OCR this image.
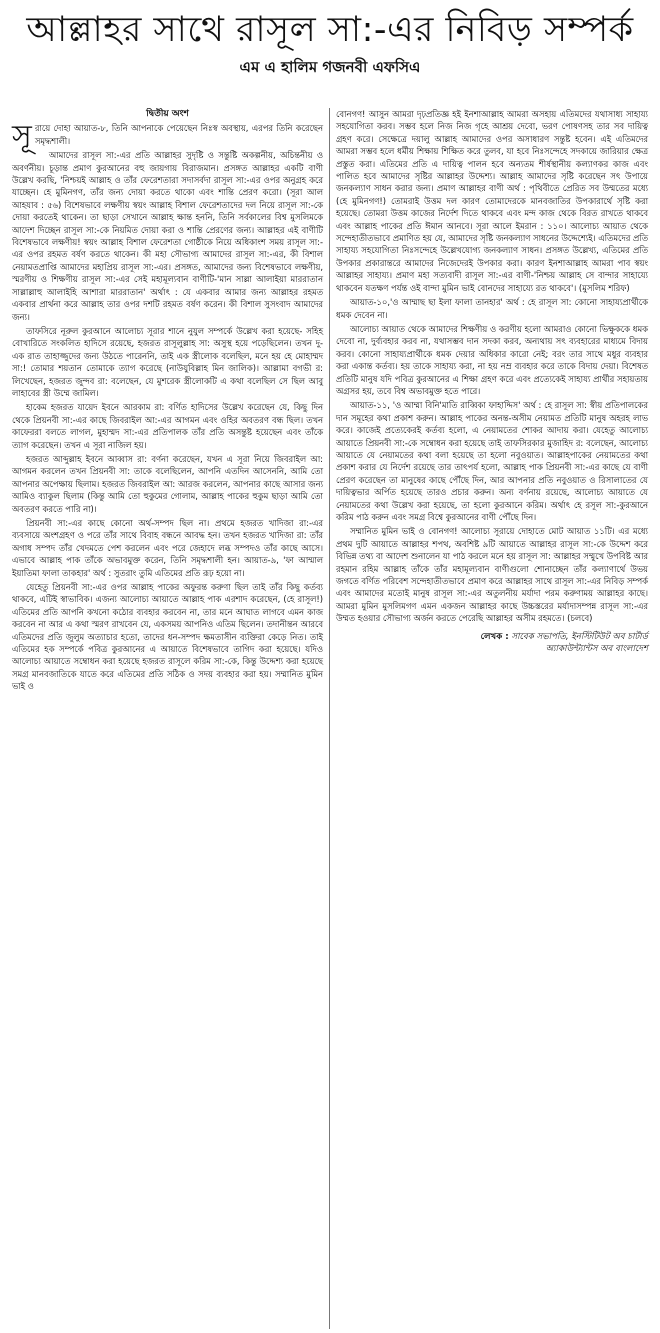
আল্লাহর সাথে রাসূল সা:-এর নিবিড় সম্পর্ক
এম এ হালিম গজনবী এফসিএ
দ্বিতীয় অংশ

সূরায়ে দোহা আয়াত-৮, তিনি আপনাকে পেয়েছেন নিঃস্ব অবস্থায়, এরপর তিনি করেছেন সমৃদ্ধশালী।

আমাদের রাসূল সা:-এর প্রতি আল্লাহর সুদৃষ্টি ও সন্তুষ্টি অকল্পনীয়, অচিন্তনীয় ও অবর্ণনীয়। চূড়ান্ত প্রমাণ কুরআনের বহু জায়গায় বিরাজমান। প্রসঙ্গত আল্লাহর একটি বাণী উল্লেখ করছি, 'নিশ্চয়ই আল্লাহ ও তাঁর ফেরেশতারা সদাসর্বদা রাসূল সা:-এর ওপর অনুগ্রহ করে যাচ্ছেন। হে মুমিনগণ, তাঁর জন্য দোয়া করতে থাকো এবং শান্তি প্রেরণ করো। (সূরা আল আহযাব : ৫৬) বিশেষভাবে লক্ষণীয় স্বয়ং আল্লাহ বিশাল ফেরেশতাদের দল নিয়ে রাসূল সা:-কে দোয়া করতেই থাকেন। তা ছাড়া সেখানে আল্লাহ ক্ষান্ত হননি, তিনি সর্বকালের বিশ্ব মুসলিমকে আদেশ দিচ্ছেন রাসূল সা:-কে নিয়মিত দোয়া করা ও শান্তি প্রেরণের জন্য। আল্লাহর এই বাণীটি বিশেষভাবে লক্ষণীয়! স্বয়ং আল্লাহ বিশাল ফেরেশতা গোষ্ঠীকে নিয়ে অধিকাংশ সময় রাসূল সা:-এর ওপর রহমত বর্ষণ করতে থাকেন। কী মহা সৌভাগ্য আমাদের রাসূল সা:-এর, কী বিশাল নেয়ামতপ্রাপ্তি আমাদের মহাপ্রিয় রাসূল সা:-এর। প্রসঙ্গত, আমাদের জন্য বিশেষভাবে লক্ষণীয়, স্মরণীয় ও শিক্ষণীয় রাসূল সা:-এর সেই মহামূল্যবান বাণীটি-'মান সাল্লা আলাইয়া মাররাতান সাল্লাল্লাহু আলাইহি আশারা মাররাতান' অর্থাৎ : যে একবার আমার জন্য আল্লাহর রহমত একবার প্রার্থনা করে আল্লাহ তার ওপর দশটি রহমত বর্ষণ করেন। কী বিশাল সুসংবাদ আমাদের জন্য।

তাফসিরে নূরুল কুরআনে আলোচ্য সূরার শানে নুযুল সম্পর্কে উল্লেখ করা হয়েছে- সহিহ বোখারিতে সংকলিত হাদিসে রয়েছে, হজরত রাসূলুল্লাহ সা: অসুস্থ হয়ে পড়েছিলেন। তখন দু-এক রাত তাহাজ্জুদের জন্য উঠতে পারেননি, তাই এক স্ত্রীলোক বলেছিল, মনে হয় হে মোহাম্মদ সা:! তোমার শয়তান তোমাকে ত্যাগ করেছে (নাউযুবিল্লাহ মিন জালিক)। আল্লামা বগভী র: লিখেছেন, হজরত জুন্দব রা: বলেছেন, যে মুশরেক স্ত্রীলোকটি এ কথা বলেছিল সে ছিল আবু লাহাবের স্ত্রী উম্মে জামিল।

হাকেম হজরত যায়েদ ইবনে আরকাম রা: বর্ণিত হাদিসের উল্লেখ করেছেন যে, কিছু দিন থেকে প্রিয়নবী সা:-এর কাছে জিবরাইল আ:-এর আগমন এবং ওহির অবতরণ বন্ধ ছিল। তখন কাফেররা বলতে লাগল, মুহাম্মদ সা:-এর প্রতিপালক তাঁর প্রতি অসন্তুষ্ট হয়েছেন এবং তাঁকে ত্যাগ করেছেন। তখন এ সূরা নাজিল হয়।

হজরত আব্দুল্লাহ ইবনে আব্বাস রা: বর্ণনা করেছেন, যখন এ সূরা নিয়ে জিবরাইল আ: আগমন করলেন তখন প্রিয়নবী সা: তাকে বলেছিলেন, আপনি এতদিন আসেননি, আমি তো আপনার অপেক্ষায় ছিলাম। হজরত জিবরাইল আ: আরজ করলেন, আপনার কাছে আসার জন্য আমিও ব্যাকুল ছিলাম (কিন্তু আমি তো হুকুমের গোলাম, আল্লাহ পাকের হুকুম ছাড়া আমি তো অবতরণ করতে পারি না)।

প্রিয়নবী সা:-এর কাছে কোনো অর্থ-সম্পদ ছিল না। প্রথমে হজরত খাদিজা রা:-এর ব্যবসায়ে অংশগ্রহণ ও পরে তাঁর সাথে বিবাহ বন্ধনে আবদ্ধ হন। তখন হজরত খাদিজা রা: তাঁর অগাধ সম্পদ তাঁর খেদমতে পেশ করলেন এবং পরে জেহাদে লব্ধ সম্পদও তাঁর কাছে আসে। এভাবে আল্লাহ পাক তাঁকে অভাবমুক্ত করেন, তিনি সমৃদ্ধশালী হন। আয়াত-৯, 'ফা আম্মাল ইয়াতিমা ফালা তাকহার' অর্থ : সুতরাং তুমি এতিমের প্রতি রূঢ় হয়ো না।

যেহেতু প্রিয়নবী সা:-এর ওপর আল্লাহ পাকের অফুরন্ত করুণা ছিল তাই তাঁর কিছু কর্তব্য থাকবে, এটিই স্বাভাবিক। এজন্য আলোচ্য আয়াতে আল্লাহ পাক এরশাদ করেছেন, (হে রাসূল!) এতিমের প্রতি আপনি কখনো কঠোর ব্যবহার করবেন না, তার মনে আঘাত লাগবে এমন কাজ করবেন না আর এ কথা স্মরণ রাখবেন যে, একসময় আপনিও এতিম ছিলেন। তদানীন্তন আরবে এতিমদের প্রতি জুলুম অত্যাচার হতো, তাদের ধন-সম্পদ ক্ষমতাসীন ব্যক্তিরা কেড়ে নিত। তাই এতিমের হক সম্পর্কে পবিত্র কুরআনের এ আয়াতে বিশেষভাবে তাগিদ করা হয়েছে। যদিও আলোচ্য আয়াতে সম্বোধন করা হয়েছে হজরত রাসূলে করিম সা:-কে, কিন্তু উদ্দেশ্য করা হয়েছে সমগ্র মানবজাতিকে যাতে করে এতিমের প্রতি সঠিক ও সদয় ব্যবহার করা হয়। সম্মানিত মুমিন ভাই ও

বোনগণ! আসুন আমরা দৃঢ়প্রতিজ্ঞ হই ইনশাআল্লাহ আমরা অসহায় এতিমদের যথাসাধ্য সাহায্য সহযোগিতা করব। সম্ভব হলে নিজ নিজ গৃহে আশ্রয় দেবো, ভরণ পোষণসহ তার সব দায়িত্ব গ্রহণ করে। সেক্ষেত্রে দয়ালু আল্লাহ আমাদের ওপর অসাধারণ সন্তুষ্ট হবেন। এই এতিমদের আমরা সম্ভব হলে ধর্মীয় শিক্ষায় শিক্ষিত করে তুলব, যা হবে নিঃসন্দেহে সদকায়ে জারিয়ার ক্ষেত্র প্রস্তুত করা। এতিমের প্রতি এ দায়িত্ব পালন হবে অন্যতম শীর্ষস্থানীয় কল্যাণকর কাজ এবং পালিত হবে আমাদের সৃষ্টির আল্লাহর উদ্দেশ্য। আল্লাহ আমাদের সৃষ্টি করেছেন সৎ উপায়ে জনকল্যাণ সাধন করার জন্য। প্রমাণ আল্লাহর বাণী অর্থ : পৃথিবীতে প্রেরিত সব উম্মতের মধ্যে (হে মুমিনগণ!) তোমরাই উত্তম দল কারণ তোমাদেরকে মানবজাতির উপকারার্থে সৃষ্টি করা হয়েছে। তোমরা উত্তম কাজের নির্দেশ দিতে থাকবে এবং মন্দ কাজ থেকে বিরত রাখতে থাকবে এবং আল্লাহ পাকের প্রতি ঈমান আনবে। সূরা আলে ইমরান : ১১০। আলোচ্য আয়াত থেকে সন্দেহাতীতভাবে প্রমাণিত হয় যে, আমাদের সৃষ্টি জনকল্যাণ সাধনের উদ্দেশ্যেই। এতিমদের প্রতি সাহায্য সহযোগিতা নিঃসন্দেহে উল্লেখযোগ্য জনকল্যাণ সাধন। প্রসঙ্গত উল্লেখ্য, এতিমের প্রতি উপকার প্রকারান্তরে আমাদের নিজেদেরই উপকার করা। কারণ ইনশাআল্লাহ আমরা পাব স্বয়ং আল্লাহর সাহায্য। প্রমাণ মহা সত্যবাদী রাসূল সা:-এর বাণী-'নিশ্চয় আল্লাহ সে বান্দার সাহায্যে থাকবেন যতক্ষণ পর্যন্ত ওই বান্দা মুমিন ভাই বোনদের সাহায্যে রত থাকবে'। (মুসলিম শরিফ)

আয়াত-১০,'ও আম্মাছ ছা ইলা ফালা তানহার' অর্থ : হে রাসূল সা: কোনো সাহায্যপ্রার্থীকে ধমক দেবেন না।

আলোচ্য আয়াত থেকে আমাদের শিক্ষণীয় ও করণীয় হলো আমরাও কোনো ভিক্ষুককে ধমক দেবো না, দুর্ব্যবহার করব না, যথাসম্ভব দান সদকা করব, অন্যথায় সৎ ব্যবহারের মাধ্যমে বিদায় করব। কোনো সাহায্যপ্রার্থীকে ধমক দেয়ার অধিকার কারো নেই; বরং তার সাথে মধুর ব্যবহার করা একান্ত কর্তব্য। হয় তাকে সাহায্য করা, না হয় নম্র ব্যবহার করে তাকে বিদায় দেয়া। বিশেষত প্রতিটি মানুষ যদি পবিত্র কুরআনের এ শিক্ষা গ্রহণ করে এবং প্রত্যেকেই সাহায্য প্রার্থীর সহায়তায় অগ্রসর হয়, তবে বিশ্ব অভাবমুক্ত হতে পারে।

আয়াত-১১, 'ও আম্মা বিনি'মাতি রাব্বিকা ফাহাদ্দিস' অর্থ : হে রাসূল সা: স্বীয় প্রতিপালকের দান সমূহের কথা প্রকাশ করুন। আল্লাহ পাকের অনন্ত-অসীম নেয়ামত প্রতিটি মানুষ অহরহ লাভ করে। কাজেই প্রত্যেকেরই কর্তব্য হলো, এ নেয়ামতের শোকর আদায় করা। যেহেতু আলোচ্য আয়াতে প্রিয়নবী সা:-কে সম্বোধন করা হয়েছে তাই তাফসিরকার মুজাহিদ র: বলেছেন, আলোচ্য আয়াতে যে নেয়ামতের কথা বলা হয়েছে তা হলো নবুওয়াত। আল্লাহপাকের নেয়ামতের কথা প্রকাশ করার যে নির্দেশ রয়েছে তার তাৎপর্য হলো, আল্লাহ পাক প্রিয়নবী সা:-এর কাছে যে বাণী প্রেরণ করেছেন তা মানুষের কাছে পৌঁছে দিন, আর আপনার প্রতি নবুওয়াত ও রিসালাতের যে দায়িত্বভার অর্পিত হয়েছে তারও প্রচার করুন। অন্য বর্ণনায় রয়েছে, আলোচ্য আয়াতে যে নেয়ামতের কথা উল্লেখ করা হয়েছে, তা হলো কুরআনে করিম। অর্থাৎ হে রসূল সা:-কুরআনে করিম পাঠ করুন এবং সমগ্র বিশ্বে কুরআনের বাণী পৌঁছে দিন।

সম্মানিত মুমিন ভাই ও বোনগণ! আলোচ্য সূরায়ে দোহাতে মোট আয়াত ১১টি। এর মধ্যে প্রথম দুটি আয়াতে আল্লাহর শপথ, অবশিষ্ট ৯টি আয়াতে আল্লাহর রাসূল সা:-কে উদ্দেশ করে বিভিন্ন তথ্য বা আদেশ শুনালেন যা পাঠ করলে মনে হয় রাসূল সা: আল্লাহর সম্মুখে উপবিষ্ট আর রহমান রহিম আল্লাহ তাঁকে তাঁর মহামূল্যবান বাণীগুলো শোনাচ্ছেন তাঁর কল্যাণার্থে উভয় জগতে বর্ণিত পরিবেশ সন্দেহাতীতভাবে প্রমাণ করে আল্লাহর সাথে রাসূল সা:-এর নিবিড় সম্পর্ক এবং আমাদের মতোই মানুষ রাসূল সা:-এর অতুলনীয় মর্যাদা পরম করুণাময় আল্লাহর কাছে। আমরা মুমিন মুসলিমগণ এমন একজন আল্লাহর কাছে উচ্চস্তরের মর্যাদাসম্পন্ন রাসূল সা:-এর উম্মত হওয়ার সৌভাগ্য অর্জন করতে পেরেছি আল্লাহর অসীম রহমতে। (চলবে)

লেখক : সাবেক সভাপতি, ইনস্টিটিউট অব চার্টার্ড
অ্যাকাউন্ট্যান্টস অব বাংলাদেশ
